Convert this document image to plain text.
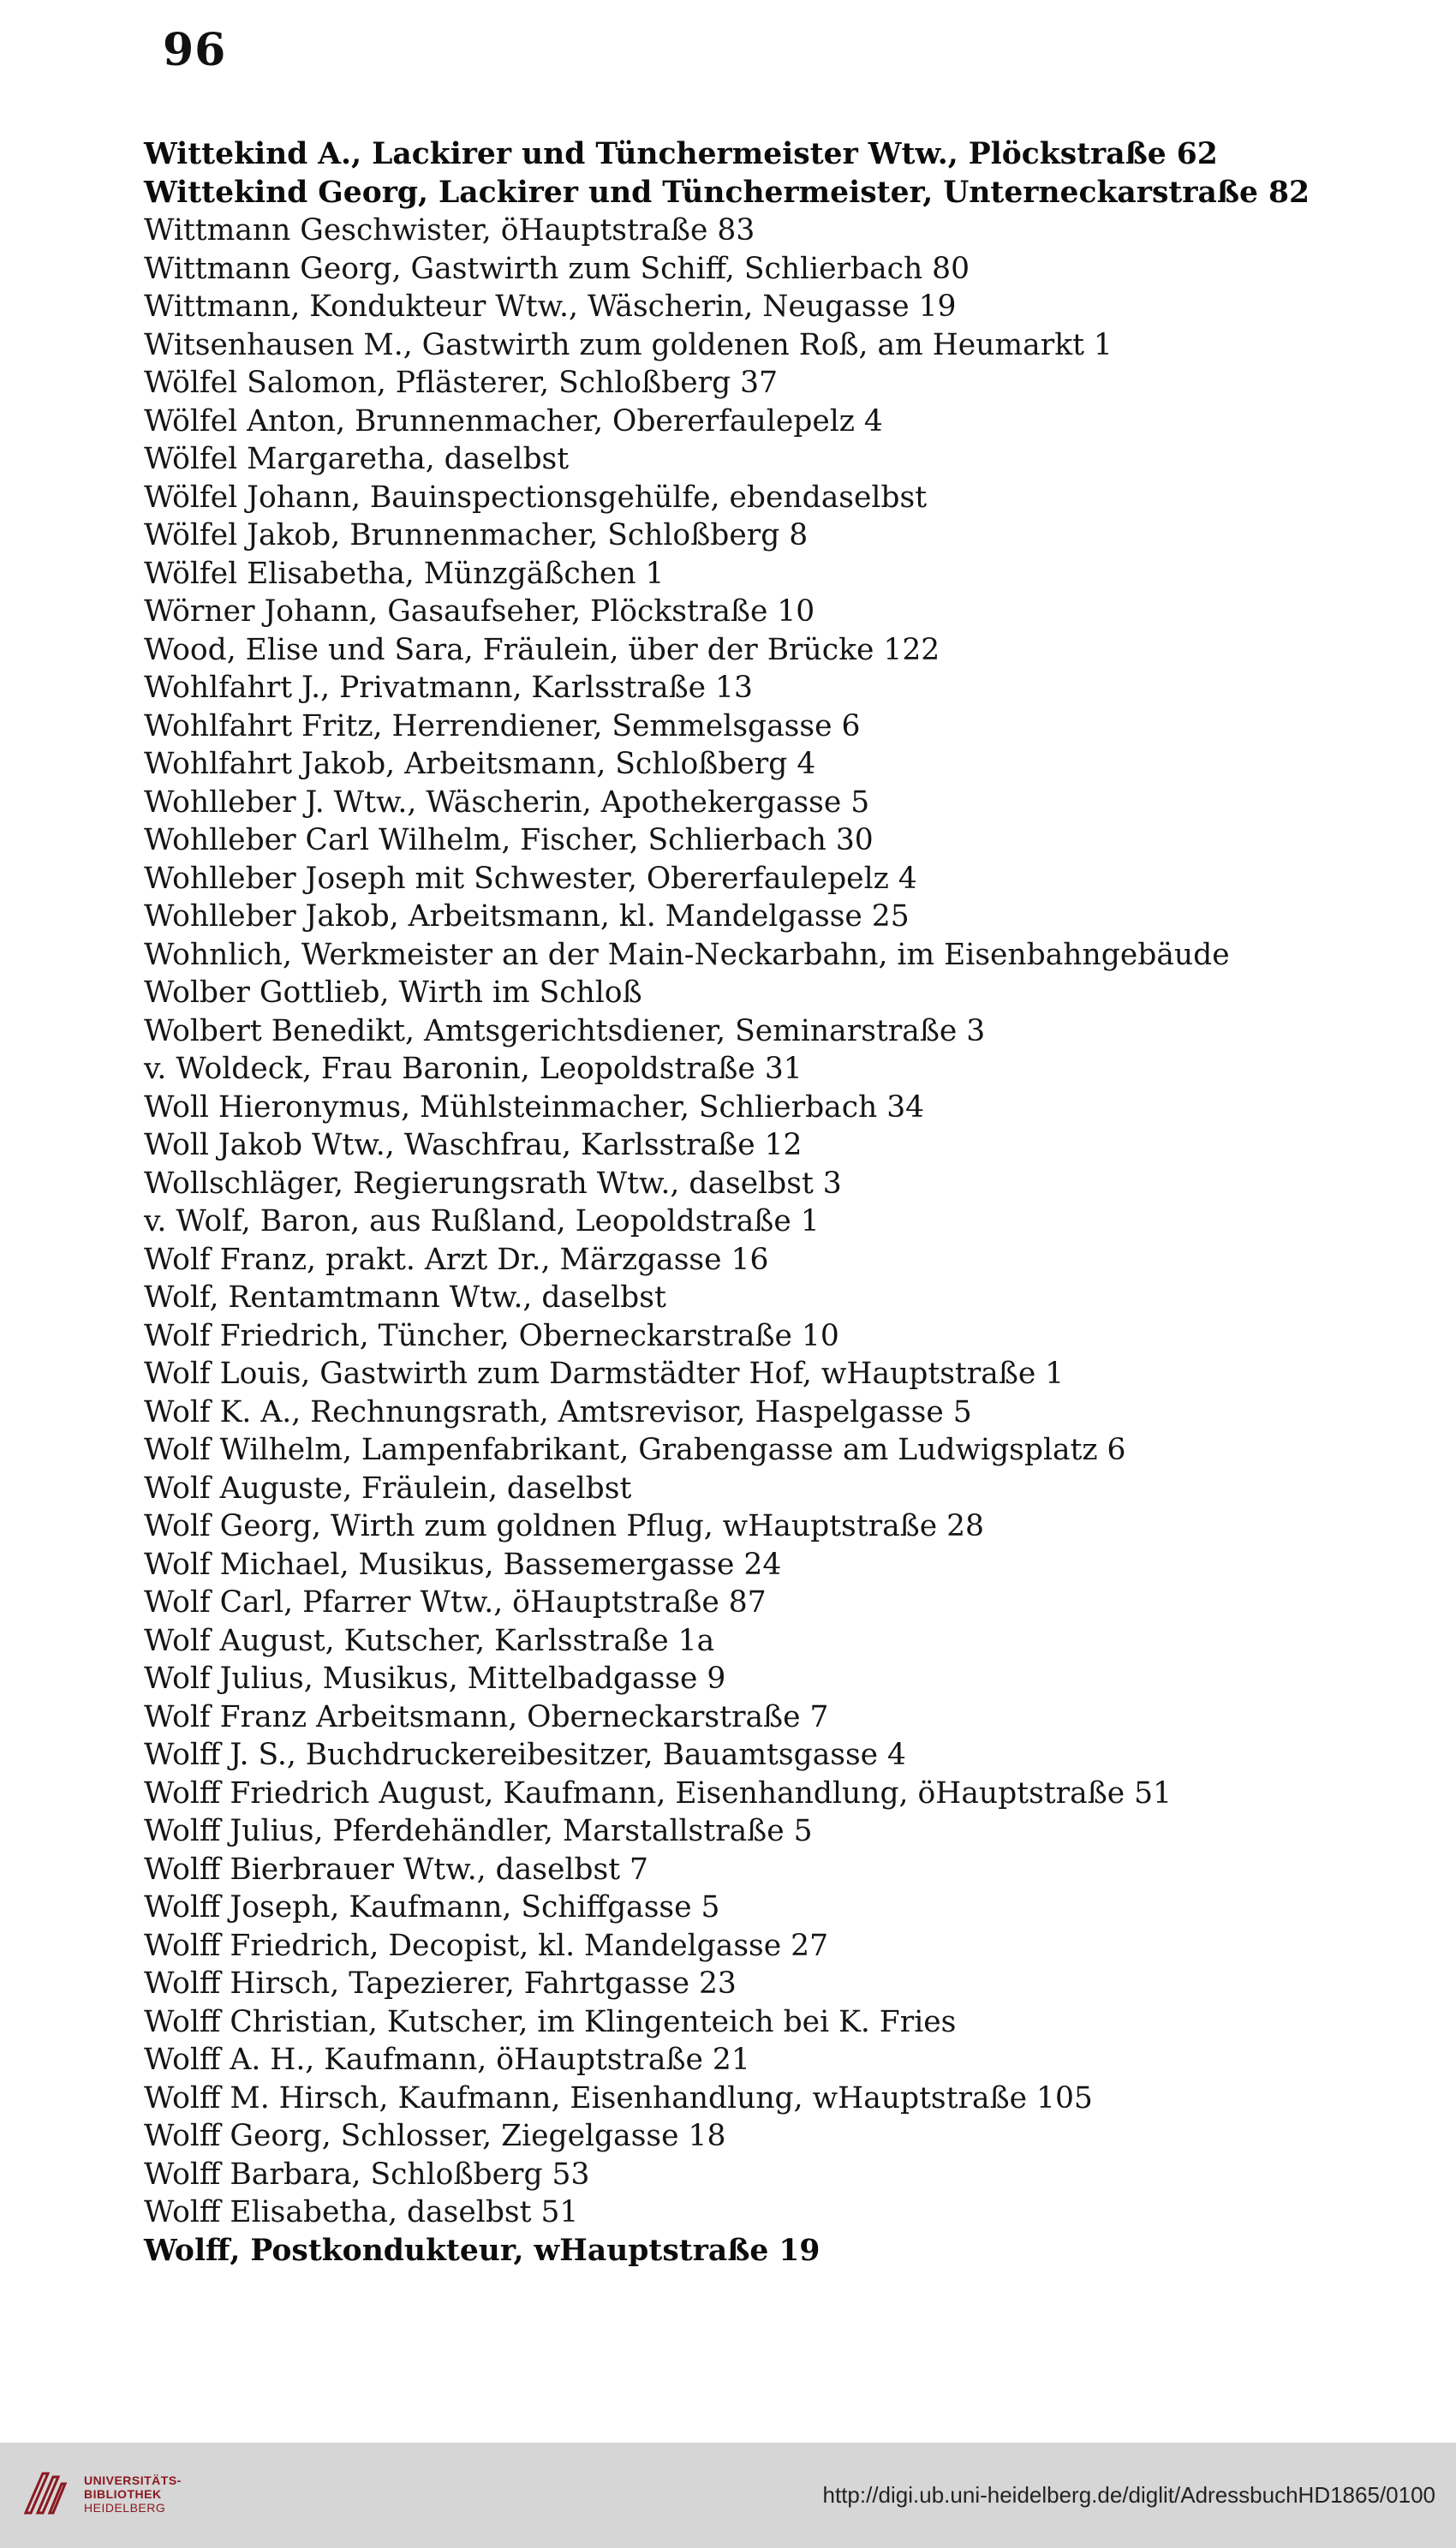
96
Wittekind A., Lackirer und Tünchermeister Wtw., Plöckstraße 62
Wittekind Georg, Lackirer und Tünchermeister, Unterneckarstraße 82
Wittmann Geschwister, öHauptstraße 83
Wittmann Georg, Gastwirth zum Schiff, Schlierbach 80
Wittmann, Kondukteur Wtw., Wäscherin, Neugasse 19
Witsenhausen M., Gastwirth zum goldenen Roß, am Heumarkt 1
Wölfel Salomon, Pflästerer, Schloßberg 37
Wölfel Anton, Brunnenmacher, Obererfaulepelz 4
Wölfel Margaretha, daselbst
Wölfel Johann, Bauinspectionsgehülfe, ebendaselbst
Wölfel Jakob, Brunnenmacher, Schloßberg 8
Wölfel Elisabetha, Münzgäßchen 1
Wörner Johann, Gasaufseher, Plöckstraße 10
Wood, Elise und Sara, Fräulein, über der Brücke 122
Wohlfahrt J., Privatmann, Karlsstraße 13
Wohlfahrt Fritz, Herrendiener, Semmelsgasse 6
Wohlfahrt Jakob, Arbeitsmann, Schloßberg 4
Wohlleber J. Wtw., Wäscherin, Apothekergasse 5
Wohlleber Carl Wilhelm, Fischer, Schlierbach 30
Wohlleber Joseph mit Schwester, Obererfaulepelz 4
Wohlleber Jakob, Arbeitsmann, kl. Mandelgasse 25
Wohnlich, Werkmeister an der Main-Neckarbahn, im Eisenbahngebäude
Wolber Gottlieb, Wirth im Schloß
Wolbert Benedikt, Amtsgerichtsdiener, Seminarstraße 3
v. Woldeck, Frau Baronin, Leopoldstraße 31
Woll Hieronymus, Mühlsteinmacher, Schlierbach 34
Woll Jakob Wtw., Waschfrau, Karlsstraße 12
Wollschläger, Regierungsrath Wtw., daselbst 3
v. Wolf, Baron, aus Rußland, Leopoldstraße 1
Wolf Franz, prakt. Arzt Dr., Märzgasse 16
Wolf, Rentamtmann Wtw., daselbst
Wolf Friedrich, Tüncher, Oberneckarstraße 10
Wolf Louis, Gastwirth zum Darmstädter Hof, wHauptstraße 1
Wolf K. A., Rechnungsrath, Amtsrevisor, Haspelgasse 5
Wolf Wilhelm, Lampenfabrikant, Grabengasse am Ludwigsplatz 6
Wolf Auguste, Fräulein, daselbst
Wolf Georg, Wirth zum goldnen Pflug, wHauptstraße 28
Wolf Michael, Musikus, Bassemergasse 24
Wolf Carl, Pfarrer Wtw., öHauptstraße 87
Wolf August, Kutscher, Karlsstraße 1a
Wolf Julius, Musikus, Mittelbadgasse 9
Wolf Franz Arbeitsmann, Oberneckarstraße 7
Wolff J. S., Buchdruckereibesitzer, Bauamtsgasse 4
Wolff Friedrich August, Kaufmann, Eisenhandlung, öHauptstraße 51
Wolff Julius, Pferdehändler, Marstallstraße 5
Wolff Bierbrauer Wtw., daselbst 7
Wolff Joseph, Kaufmann, Schiffgasse 5
Wolff Friedrich, Decopist, kl. Mandelgasse 27
Wolff Hirsch, Tapezierer, Fahrtgasse 23
Wolff Christian, Kutscher, im Klingenteich bei K. Fries
Wolff A. H., Kaufmann, öHauptstraße 21
Wolff M. Hirsch, Kaufmann, Eisenhandlung, wHauptstraße 105
Wolff Georg, Schlosser, Ziegelgasse 18
Wolff Barbara, Schloßberg 53
Wolff Elisabetha, daselbst 51
Wolff, Postkondukteur, wHauptstraße 19
UNIVERSITÄTS-
BIBLIOTHEK
HEIDELBERG	http://digi.ub.uni-heidelberg.de/diglit/AdressbuchHD1865/0100
